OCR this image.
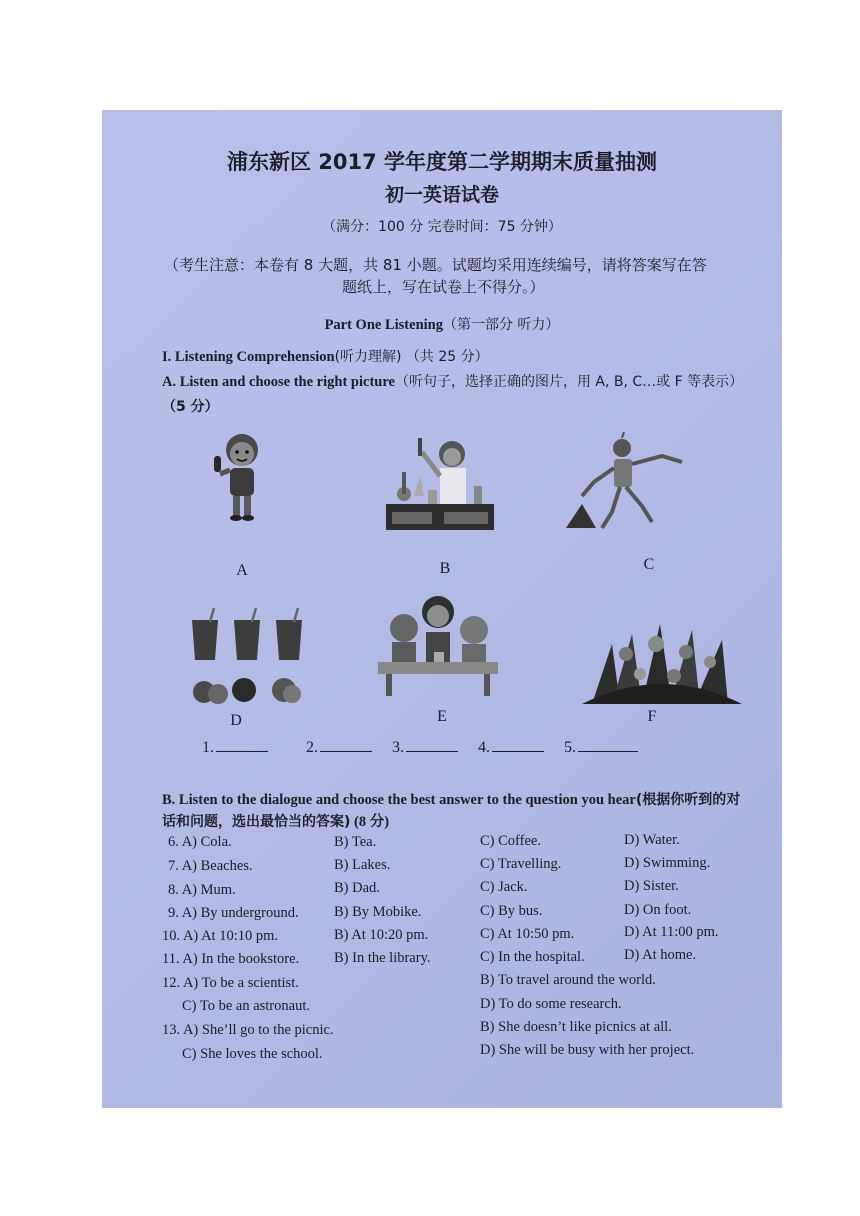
浦东新区 2017 学年度第二学期期末质量抽测
初一英语试卷
（满分：100 分 完卷时间：75 分钟）
（考生注意：本卷有 8 大题，共 81 小题。试题均采用连续编号，请将答案写在答
题纸上，写在试卷上不得分。）
Part One Listening（第一部分 听力）
I. Listening Comprehension(听力理解) （共 25 分）
A. Listen and choose the right picture（听句子，选择正确的图片，用 A, B, C…或 F 等表示）
（5 分）
A	B	C
D	E	F
1.	2.	3.	4.	5.
B. Listen to the dialogue and choose the best answer to the question you hear(根据你听到的对
话和问题，选出最恰当的答案) (8 分)
6. A) Cola.	B) Tea.	C) Coffee.	D) Water.
7. A) Beaches.	B) Lakes.	C) Travelling.	D) Swimming.
8. A) Mum.	B) Dad.	C) Jack.	D) Sister.
9. A) By underground. B) By Mobike.	C) By bus.	D) On foot.
10. A) At 10:10 pm.	B) At 10:20 pm.	C) At 10:50 pm.	D) At 11:00 pm.
11. A) In the bookstore. B) In the library.	C) In the hospital.	D) At home.
12. A) To be a scientist.	B) To travel around the world.
C) To be an astronaut.	D) To do some research.
13. A) She’ll go to the picnic.	B) She doesn’t like picnics at all.
C) She loves the school.	D) She will be busy with her project.
